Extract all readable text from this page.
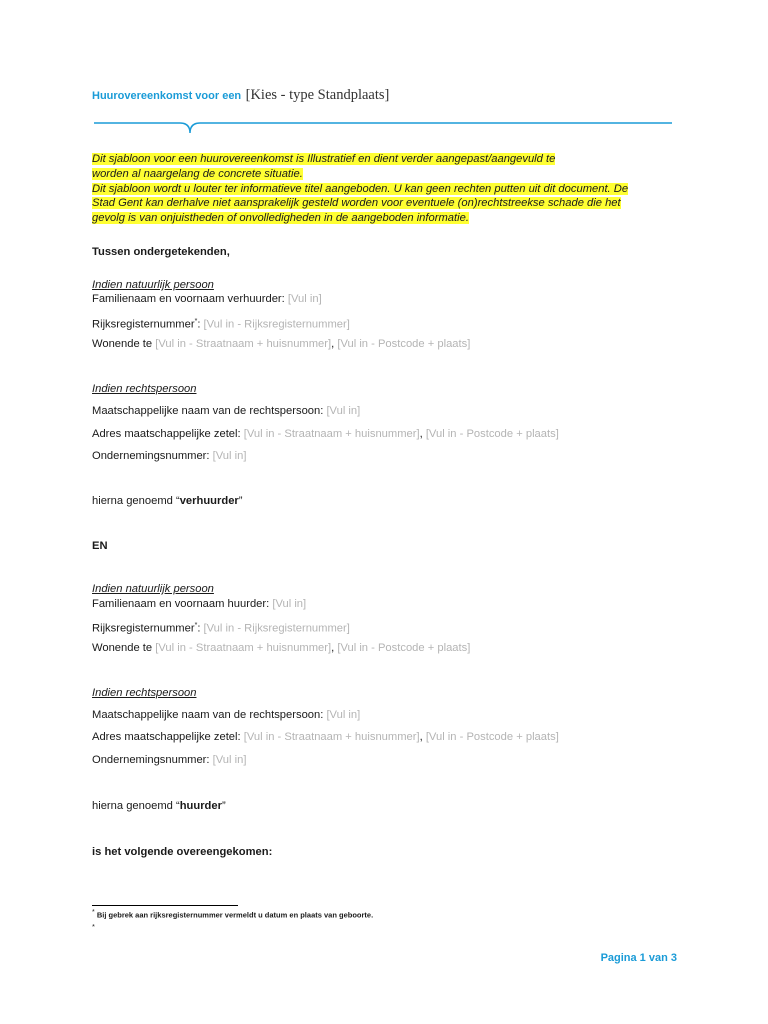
Huurovereenkomst voor een [Kies - type Standplaats]
Dit sjabloon voor een huurovereenkomst is Illustratief en dient verder aangepast/aangevuld te
worden al naargelang de concrete situatie.
Dit sjabloon wordt u louter ter informatieve titel aangeboden. U kan geen rechten putten uit dit document. De
Stad Gent kan derhalve niet aansprakelijk gesteld worden voor eventuele (on)rechtstreekse schade die het
gevolg is van onjuistheden of onvolledigheden in de aangeboden informatie.
Tussen ondergetekenden,
Indien natuurlijk persoon
Familienaam en voornaam verhuurder: [Vul in]
Rijksregisternummer*: [Vul in - Rijksregisternummer]
Wonende te [Vul in - Straatnaam + huisnummer], [Vul in - Postcode + plaats]
Indien rechtspersoon
Maatschappelijke naam van de rechtspersoon: [Vul in]
Adres maatschappelijke zetel: [Vul in - Straatnaam + huisnummer], [Vul in - Postcode + plaats]
Ondernemingsnummer: [Vul in]
hierna genoemd “verhuurder”
EN
Indien natuurlijk persoon
Familienaam en voornaam huurder: [Vul in]
Rijksregisternummer*: [Vul in - Rijksregisternummer]
Wonende te [Vul in - Straatnaam + huisnummer], [Vul in - Postcode + plaats]
Indien rechtspersoon
Maatschappelijke naam van de rechtspersoon: [Vul in]
Adres maatschappelijke zetel: [Vul in - Straatnaam + huisnummer], [Vul in - Postcode + plaats]
Ondernemingsnummer: [Vul in]
hierna genoemd “huurder”
is het volgende overeengekomen:
* Bij gebrek aan rijksregisternummer vermeldt u datum en plaats van geboorte.
*
Pagina 1 van 3
